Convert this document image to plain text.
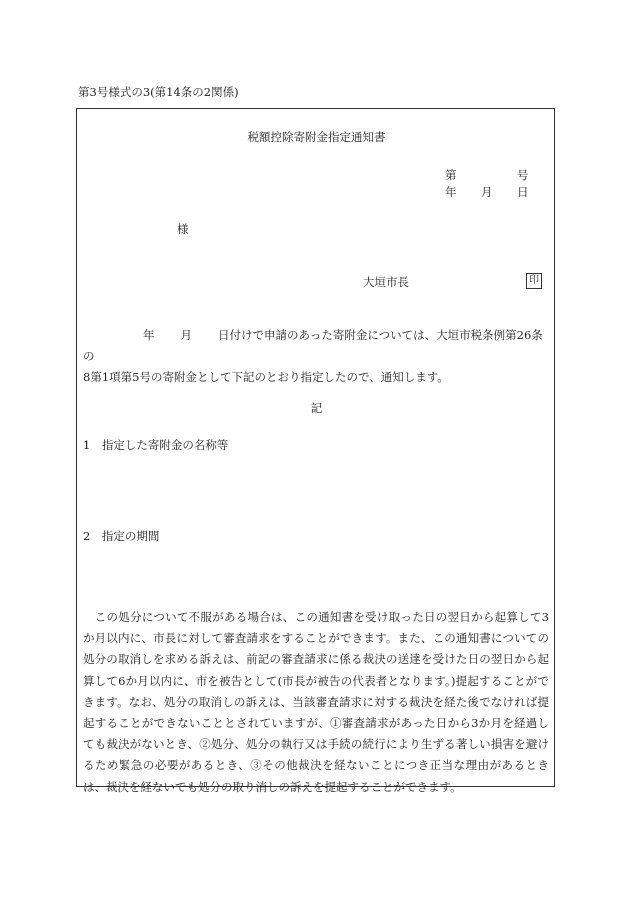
第3号様式の3(第14条の2関係)
税額控除寄附金指定通知書
第	号
年 月 日
様
大垣市長	印
年 月 日付けで申請のあった寄附金については、大垣市税条例第26条の
8第1項第5号の寄附金として下記のとおり指定したので、通知します。
記
1　指定した寄附金の名称等
2　指定の期間
　この処分について不服がある場合は、この通知書を受け取った日の翌日から起算して3か月以内に、市長に対して審査請求をすることができます。また、この通知書についての処分の取消しを求める訴えは、前記の審査請求に係る裁決の送達を受けた日の翌日から起算して6か月以内に、市を被告として(市長が被告の代表者となります。)提起することができます。なお、処分の取消しの訴えは、当該審査請求に対する裁決を経た後でなければ提起することができないこととされていますが、①審査請求があった日から3か月を経過しても裁決がないとき、②処分、処分の執行又は手続の続行により生ずる著しい損害を避けるため緊急の必要があるとき、③その他裁決を経ないことにつき正当な理由があるときは、裁決を経ないでも処分の取り消しの訴えを提起することができます。
